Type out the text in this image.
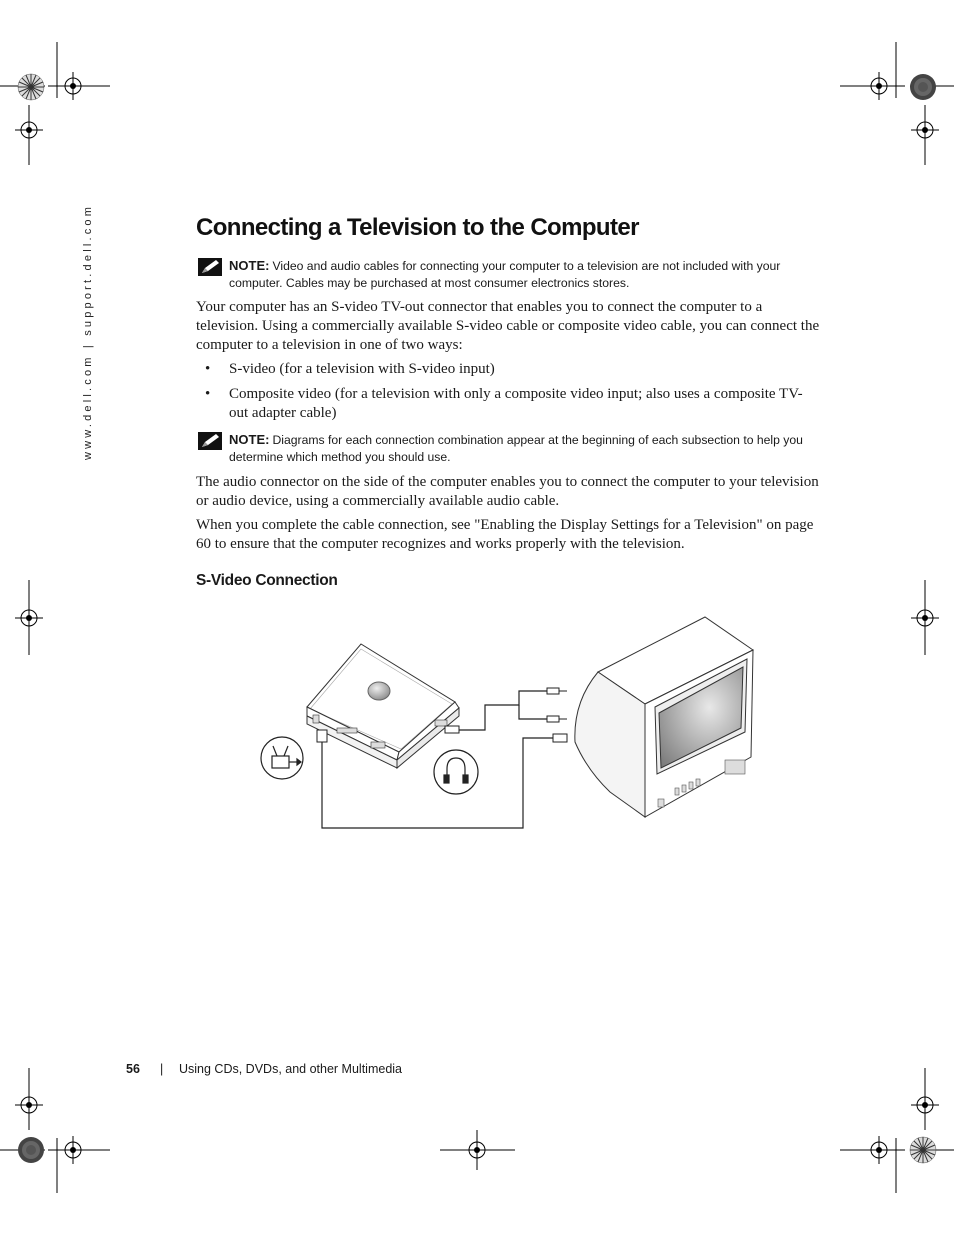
www.dell.com | support.dell.com	Connecting a Television to the Computer
NOTE: Video and audio cables for connecting your computer to a television are not included with your computer. Cables may be purchased at most consumer electronics stores.

Your computer has an S-video TV-out connector that enables you to connect the computer to a television. Using a commercially available S-video cable or composite video cable, you can connect the computer to a television in one of two ways:

• S-video (for a television with S-video input)
• Composite video (for a television with only a composite video input; also uses a composite TV-out adapter cable)
NOTE: Diagrams for each connection combination appear at the beginning of each subsection to help you determine which method you should use.

The audio connector on the side of the computer enables you to connect the computer to your television or audio device, using a commercially available audio cable.

When you complete the cable connection, see "Enabling the Display Settings for a Television" on page 60 to ensure that the computer recognizes and works properly with the television.

S-Video Connection
56 | Using CDs, DVDs, and other Multimedia
